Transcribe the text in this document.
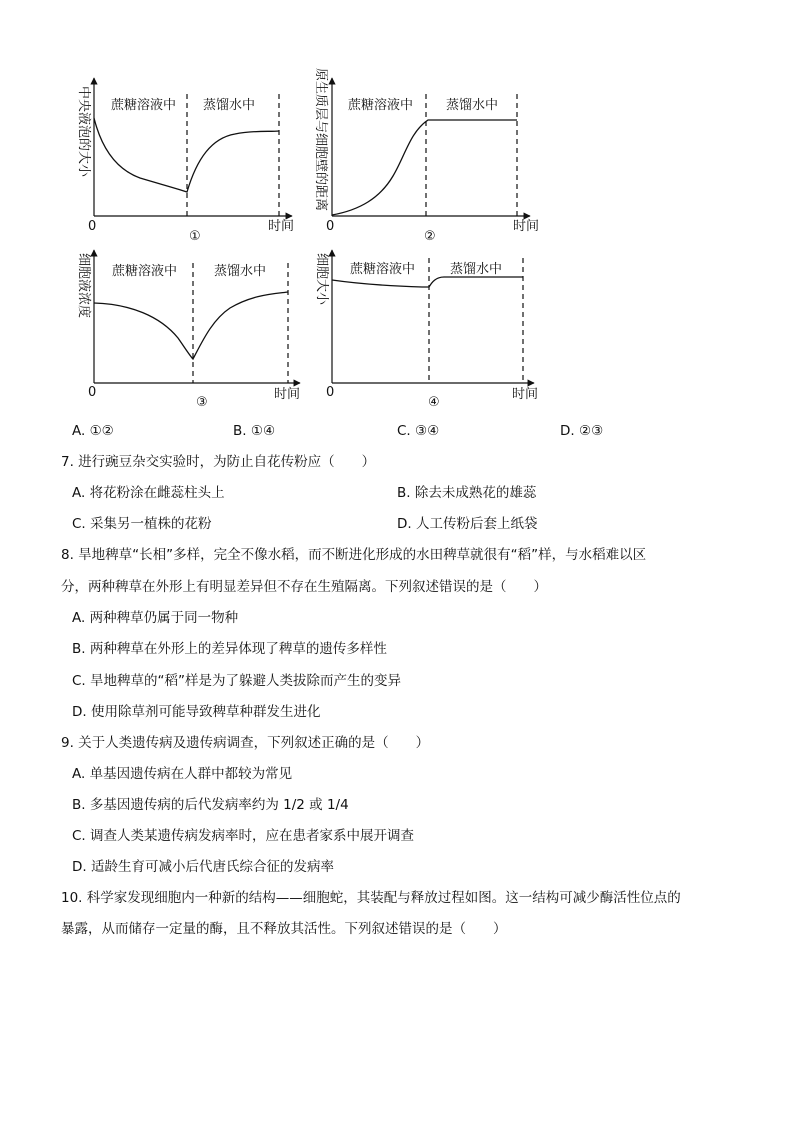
蔗糖溶液中 蒸馏水中
0	时间
①
中央液泡的大小	蔗糖溶液中	蒸馏水中
0	时间
②
原生质层与细胞壁的距离
蔗糖溶液中	蒸馏水中
0	时间
③
细胞液浓度	蔗糖溶液中	蒸馏水中
0	时间
④
细胞大小
A. ①②	B. ①④	C. ③④	D. ②③
7. 进行豌豆杂交实验时，为防止自花传粉应（　　）
A. 将花粉涂在雌蕊柱头上	B. 除去未成熟花的雄蕊
C. 采集另一植株的花粉	D. 人工传粉后套上纸袋
8. 旱地稗草“长相”多样，完全不像水稻，而不断进化形成的水田稗草就很有“稻”样，与水稻难以区
分，两种稗草在外形上有明显差异但不存在生殖隔离。下列叙述错误的是（　　）
A. 两种稗草仍属于同一物种
B. 两种稗草在外形上的差异体现了稗草的遗传多样性
C. 旱地稗草的“稻”样是为了躲避人类拔除而产生的变异
D. 使用除草剂可能导致稗草种群发生进化
9. 关于人类遗传病及遗传病调查，下列叙述正确的是（　　）
A. 单基因遗传病在人群中都较为常见
B. 多基因遗传病的后代发病率约为 1/2 或 1/4
C. 调查人类某遗传病发病率时，应在患者家系中展开调查
D. 适龄生育可减小后代唐氏综合征的发病率
10. 科学家发现细胞内一种新的结构——细胞蛇，其装配与释放过程如图。这一结构可减少酶活性位点的
暴露，从而储存一定量的酶，且不释放其活性。下列叙述错误的是（　　）
